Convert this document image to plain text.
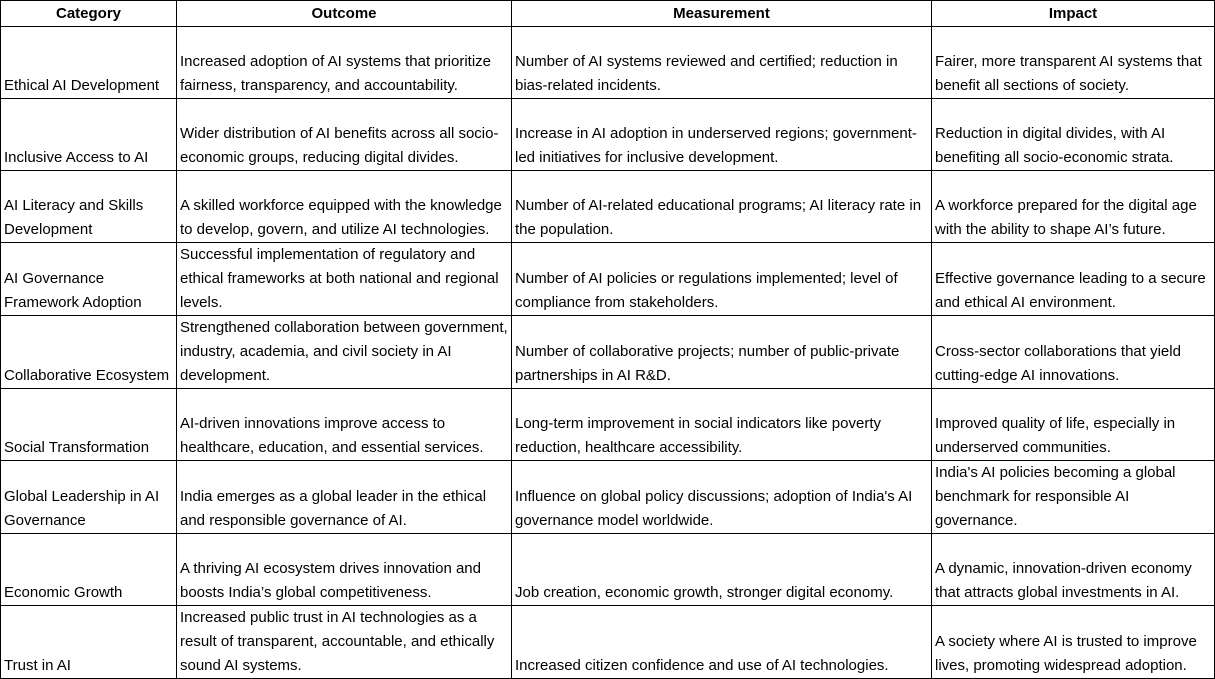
Category	Outcome	Measurement	Impact
Ethical AI Development	Increased adoption of AI systems that prioritize fairness, transparency, and accountability.	Number of AI systems reviewed and certified; reduction in bias-related incidents.	Fairer, more transparent AI systems that benefit all sections of society.
Inclusive Access to AI	Wider distribution of AI benefits across all socio-economic groups, reducing digital divides.	Increase in AI adoption in underserved regions; government-led initiatives for inclusive development.	Reduction in digital divides, with AI benefiting all socio-economic strata.
AI Literacy and Skills Development	A skilled workforce equipped with the knowledge to develop, govern, and utilize AI technologies.	Number of AI-related educational programs; AI literacy rate in the population.	A workforce prepared for the digital age with the ability to shape AI’s future.
AI Governance Framework Adoption	Successful implementation of regulatory and ethical frameworks at both national and regional levels.	Number of AI policies or regulations implemented; level of compliance from stakeholders.	Effective governance leading to a secure and ethical AI environment.
Collaborative Ecosystem	Strengthened collaboration between government, industry, academia, and civil society in AI development.	Number of collaborative projects; number of public-private partnerships in AI R&D.	Cross-sector collaborations that yield cutting-edge AI innovations.
Social Transformation	AI-driven innovations improve access to healthcare, education, and essential services.	Long-term improvement in social indicators like poverty reduction, healthcare accessibility.	Improved quality of life, especially in underserved communities.
Global Leadership in AI Governance	India emerges as a global leader in the ethical and responsible governance of AI.	Influence on global policy discussions; adoption of India's AI governance model worldwide.	India's AI policies becoming a global benchmark for responsible AI governance.
Economic Growth	A thriving AI ecosystem drives innovation and boosts India’s global competitiveness.	Job creation, economic growth, stronger digital economy.	A dynamic, innovation-driven economy that attracts global investments in AI.
Trust in AI	Increased public trust in AI technologies as a result of transparent, accountable, and ethically sound AI systems.	Increased citizen confidence and use of AI technologies.	A society where AI is trusted to improve lives, promoting widespread adoption.
